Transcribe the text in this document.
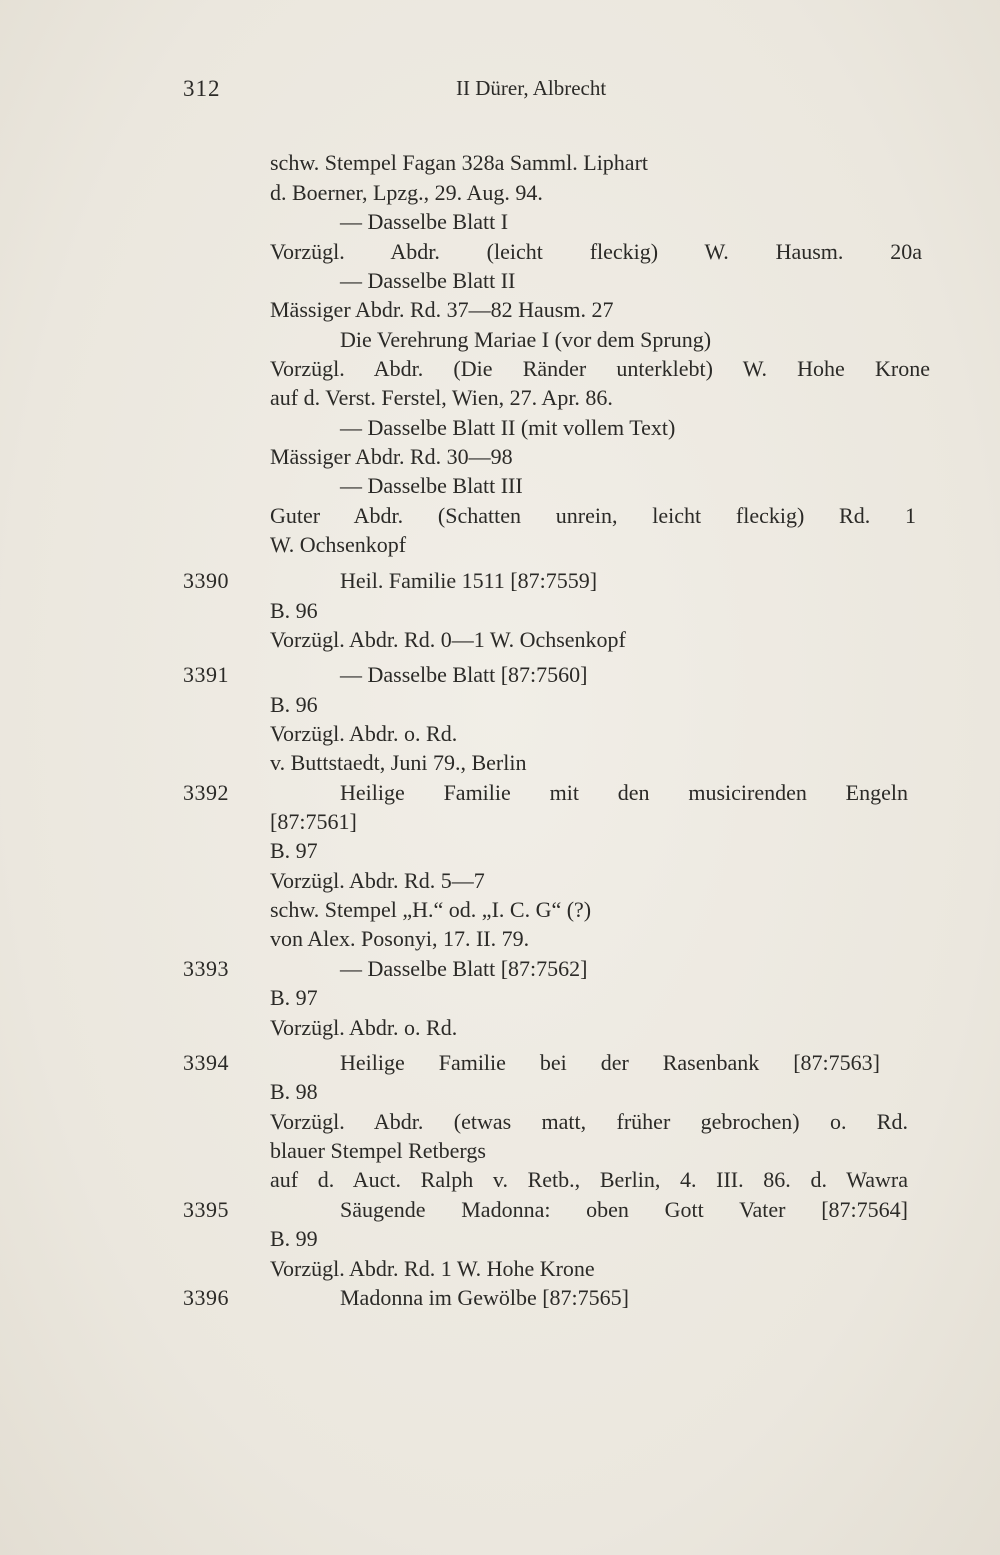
312	II Dürer, Albrecht
schw. Stempel Fagan 328a Samml. Liphart
d. Boerner, Lpzg., 29. Aug. 94.
— Dasselbe Blatt I
Vorzügl. Abdr. (leicht fleckig) W. Hausm. 20a
— Dasselbe Blatt II
Mässiger Abdr. Rd. 37—82 Hausm. 27
Die Verehrung Mariae I (vor dem Sprung)
Vorzügl. Abdr. (Die Ränder unterklebt) W. Hohe Krone
auf d. Verst. Ferstel, Wien, 27. Apr. 86.
— Dasselbe Blatt II (mit vollem Text)
Mässiger Abdr. Rd. 30—98
— Dasselbe Blatt III
Guter Abdr. (Schatten unrein, leicht fleckig) Rd. 1
W. Ochsenkopf
3390	Heil. Familie 1511 [87:7559]
B. 96
Vorzügl. Abdr. Rd. 0—1 W. Ochsenkopf
3391	— Dasselbe Blatt [87:7560]
B. 96
Vorzügl. Abdr. o. Rd.
v. Buttstaedt, Juni 79., Berlin
3392	Heilige Familie mit den musicirenden Engeln
[87:7561]
B. 97
Vorzügl. Abdr. Rd. 5—7
schw. Stempel „H.“ od. „I. C. G“ (?)
von Alex. Posonyi, 17. II. 79.
3393	— Dasselbe Blatt [87:7562]
B. 97
Vorzügl. Abdr. o. Rd.
3394	Heilige Familie bei der Rasenbank [87:7563]
B. 98
Vorzügl. Abdr. (etwas matt, früher gebrochen) o. Rd.
blauer Stempel Retbergs
auf d. Auct. Ralph v. Retb., Berlin, 4. III. 86. d. Wawra
3395	Säugende Madonna: oben Gott Vater [87:7564]
B. 99
Vorzügl. Abdr. Rd. 1 W. Hohe Krone
3396	Madonna im Gewölbe [87:7565]
